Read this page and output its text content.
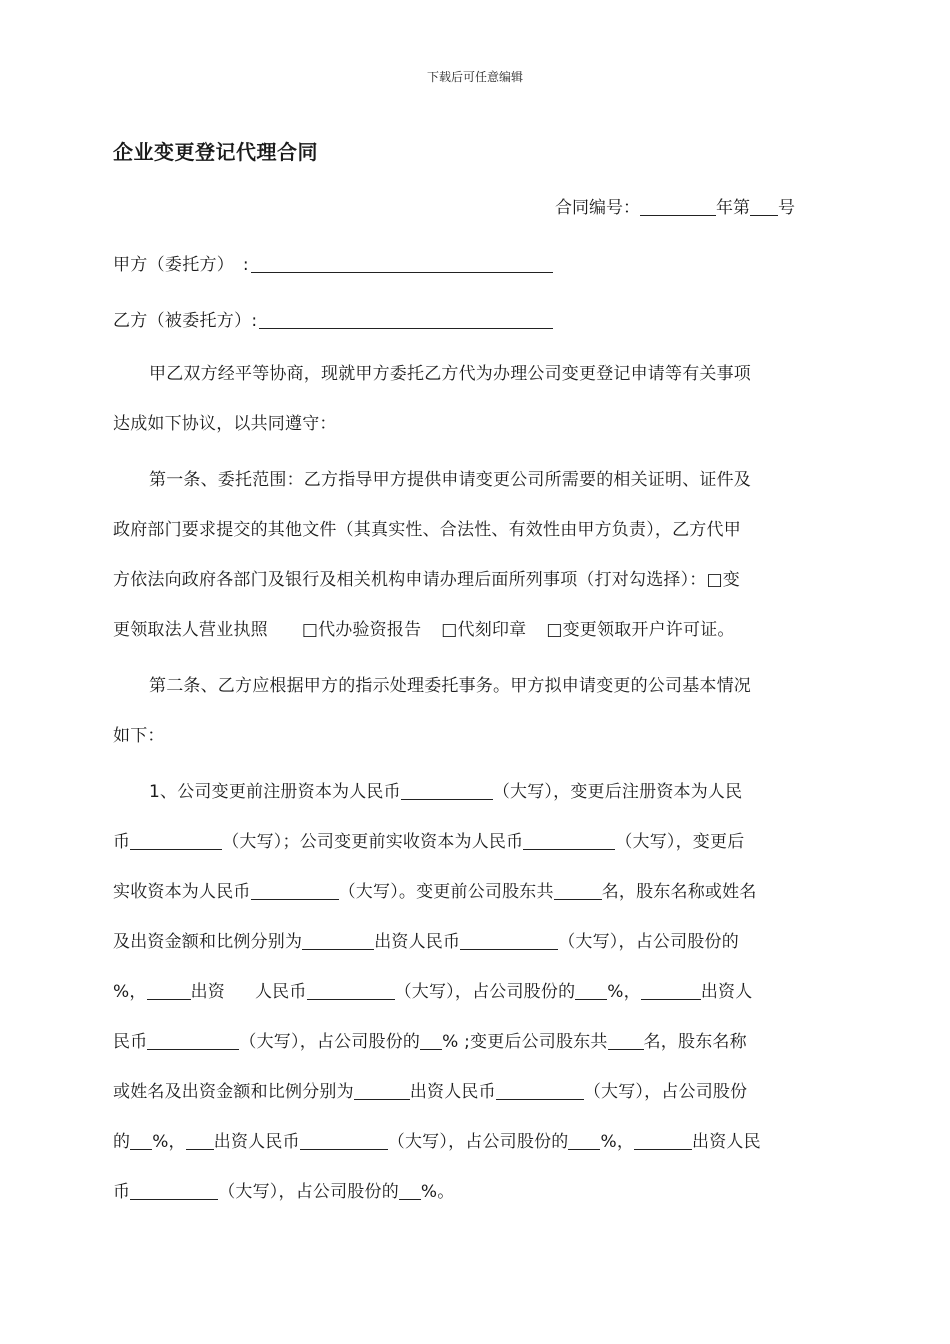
下载后可任意编辑
企业变更登记代理合同
合同编号：	年第 号
甲方（委托方）　:
乙方（被委托方）:
甲乙双方经平等协商，现就甲方委托乙方代为办理公司变更登记申请等有关事项
达成如下协议，以共同遵守：
第一条、委托范围：乙方指导甲方提供申请变更公司所需要的相关证明、证件及
政府部门要求提交的其他文件（其真实性、合法性、有效性由甲方负责），乙方代甲
方依法向政府各部门及银行及相关机构申请办理后面所列事项（打对勾选择）：□变
更领取法人营业执照 □代办验资报告 □代刻印章 □变更领取开户许可证。
第二条、乙方应根据甲方的指示处理委托事务。甲方拟申请变更的公司基本情况
如下：
1、公司变更前注册资本为人民币	（大写），变更后注册资本为人民
币	（大写）；公司变更前实收资本为人民币	（大写），变更后
实收资本为人民币	（大写）。变更前公司股东共	名，股东名称或姓名
及出资金额和比例分别为	出资人民币	（大写），占公司股份的
%，	出资 人民币	（大写），占公司股份的 %，	出资人
民币	（大写），占公司股份的 % ;变更后公司股东共 名，股东名称
或姓名及出资金额和比例分别为	出资人民币	（大写），占公司股份
的 %， 出资人民币	（大写），占公司股份的 %，	出资人民
币	（大写），占公司股份的 %。
